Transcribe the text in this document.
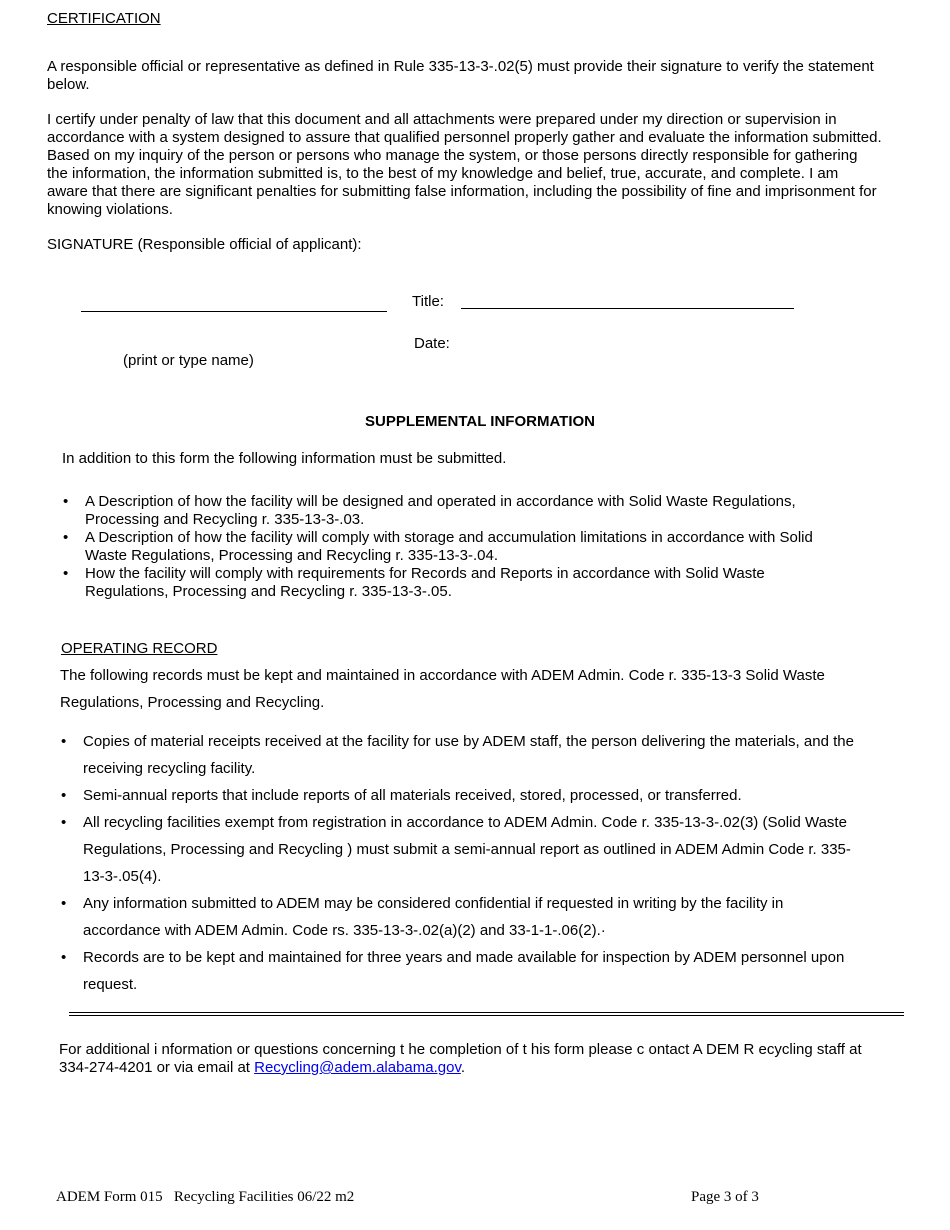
CERTIFICATION

A responsible official or representative as defined in Rule 335-13-3-.02(5) must provide their signature to verify the statement below.

I certify under penalty of law that this document and all attachments were prepared under my direction or supervision in accordance with a system designed to assure that qualified personnel properly gather and evaluate the information submitted. Based on my inquiry of the person or persons who manage the system, or those persons directly responsible for gathering the information, the information submitted is, to the best of my knowledge and belief, true, accurate, and complete. I am aware that there are significant penalties for submitting false information, including the possibility of fine and imprisonment for knowing violations.

SIGNATURE (Responsible official of applicant):
Title:
Date:
(print or type name)
SUPPLEMENTAL INFORMATION
In addition to this form the following information must be submitted.
• A Description of how the facility will be designed and operated in accordance with Solid Waste Regulations, Processing and Recycling r. 335-13-3-.03.
• A Description of how the facility will comply with storage and accumulation limitations in accordance with Solid Waste Regulations, Processing and Recycling r. 335-13-3-.04.
• How the facility will comply with requirements for Records and Reports in accordance with Solid Waste Regulations, Processing and Recycling r. 335-13-3-.05.
OPERATING RECORD

The following records must be kept and maintained in accordance with ADEM Admin. Code r. 335-13-3 Solid Waste Regulations, Processing and Recycling.

• Copies of material receipts received at the facility for use by ADEM staff, the person delivering the materials, and the receiving recycling facility.
• Semi-annual reports that include reports of all materials received, stored, processed, or transferred.
• All recycling facilities exempt from registration in accordance to ADEM Admin. Code r. 335-13-3-.02(3) (Solid Waste Regulations, Processing and Recycling ) must submit a semi-annual report as outlined in ADEM Admin Code r. 335-13-3-.05(4).
• Any information submitted to ADEM may be considered confidential if requested in writing by the facility in accordance with ADEM Admin. Code rs. 335-13-3-.02(a)(2) and 33-1-1-.06(2).·
• Records are to be kept and maintained for three years and made available for inspection by ADEM personnel upon request.

For additional i nformation or questions concerning t he completion of t his form please c ontact A DEM R ecycling staff at 334-274-4201 or via email at Recycling@adem.alabama.gov.

ADEM Form 015   Recycling Facilities 06/22 m2	Page 3 of 3
